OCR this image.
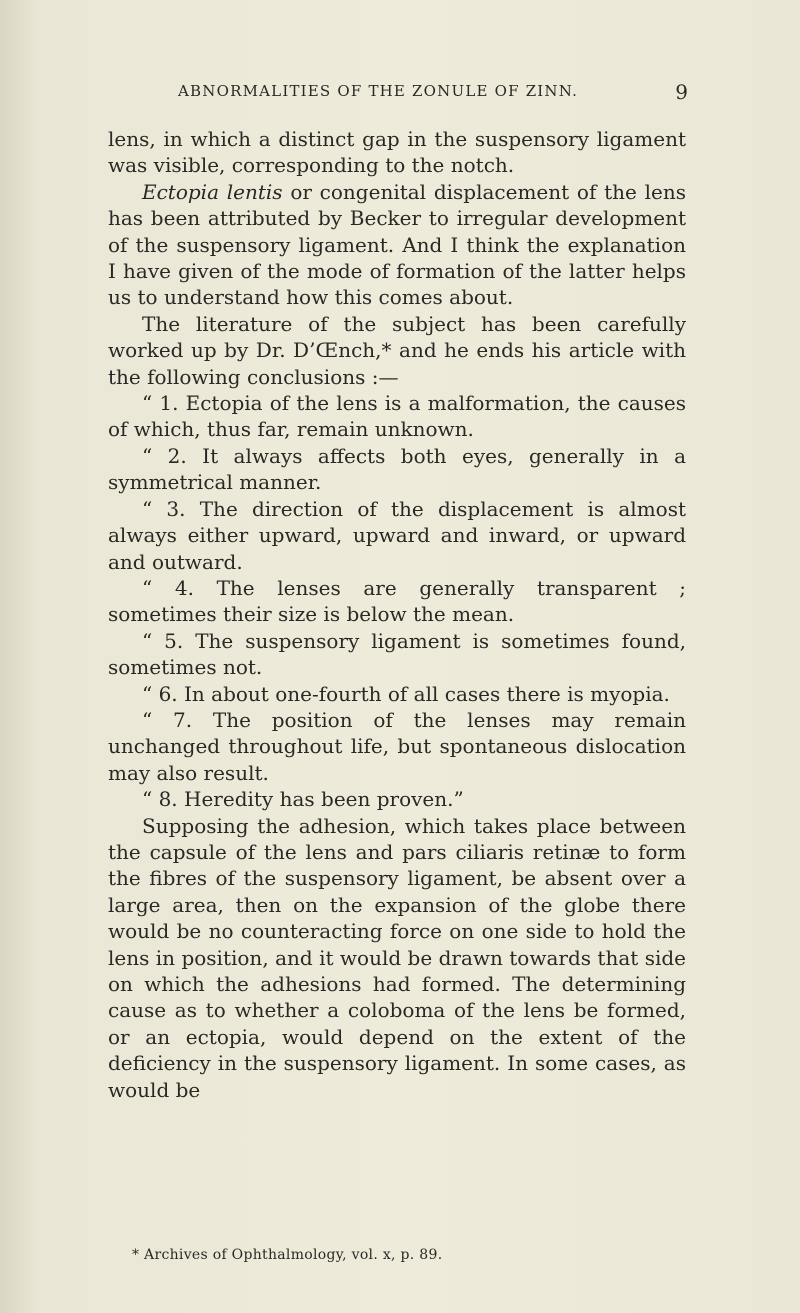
ABNORMALITIES OF THE ZONULE OF ZINN.	9

lens, in which a distinct gap in the suspensory ligament was visible, corresponding to the notch.

Ectopia lentis or congenital displacement of the lens has been attributed by Becker to irregular development of the suspensory ligament. And I think the explanation I have given of the mode of formation of the latter helps us to understand how this comes about.

The literature of the subject has been carefully worked up by Dr. D’Œnch,* and he ends his article with the following conclusions :—

“ 1. Ectopia of the lens is a malformation, the causes of which, thus far, remain unknown.

“ 2. It always affects both eyes, generally in a symmetrical manner.

“ 3. The direction of the displacement is almost always either upward, upward and inward, or upward and outward.

“ 4. The lenses are generally transparent ; sometimes their size is below the mean.

“ 5. The suspensory ligament is sometimes found, sometimes not.

“ 6. In about one-fourth of all cases there is myopia.

“ 7. The position of the lenses may remain unchanged throughout life, but spontaneous dislocation may also result.

“ 8. Heredity has been proven.”

Supposing the adhesion, which takes place between the capsule of the lens and pars ciliaris retinæ to form the fibres of the suspensory ligament, be absent over a large area, then on the expansion of the globe there would be no counteracting force on one side to hold the lens in position, and it would be drawn towards that side on which the adhesions had formed. The determining cause as to whether a coloboma of the lens be formed, or an ectopia, would depend on the extent of the deficiency in the suspensory ligament. In some cases, as would be

* Archives of Ophthalmology, vol. x, p. 89.
